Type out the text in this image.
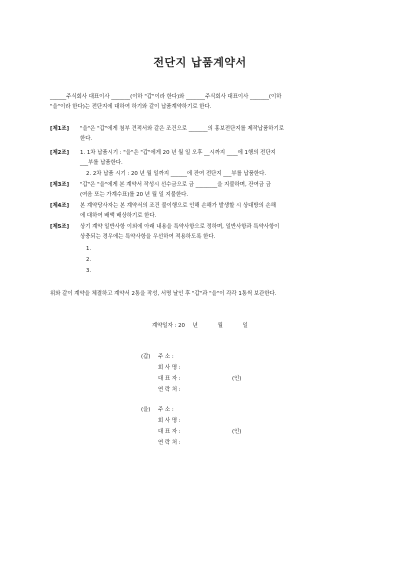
전단지 납품계약서
______주식회사 대표이사 _______(이하 "갑"이라 한다)와 _______주식회사 대표이사 _______(이하
"을"이라 한다)는 전단지에 대하여 하기와 같이 납품계약하기로 한다.
[제1조]	"을"은 "갑"에게 첨부 견적서와 같은 조건으로 _______의 홍보전단지를 제작납품하기로
한다.
[제2조]	1. 1차 납품시기 : "을"은 "갑"에게 20 년 월 일 오후 __시까지 ____에 1행의 전단지
___부를 납품한다.
2. 2차 납품 시기 : 20 년 월 일까지 ______에 잔여 전단지 ___부를 납품한다.
[제3조]	"갑"은 "을"에게 본 계약서 작성시 선수금으로 금 ________을 지불하며, 잔여금 금
(여음 또는 가계수표)를 20 년 월 일 지불한다.
[제4조]	본 계약당사자는 본 계약서의 조건 불이행으로 인해 손해가 발생할 시 상대방의 손해
에 대하여 배액 배상하기로 한다.
[제5조]	상기 계약 일반사항 이외에 아래 내용을 특약사항으로 정하며, 일반사항과 특약사항이
상충되는 경우에는 특약사항을 우선하여 적용하도록 한다.
1.
2.
3.
위와 같이 계약을 체결하고 계약서 2통을 작성, 서명 날인 후 "갑"과 "을"이 각각 1통씩 보관한다.
계약일자 : 20 년	월	일
(갑)	주 소 :
회 사 명 :
대 표 자 :	(인)
연 락 처 :
(을)	주 소 :
회 사 명 :
대 표 자 :	(인)
연 락 처 :
